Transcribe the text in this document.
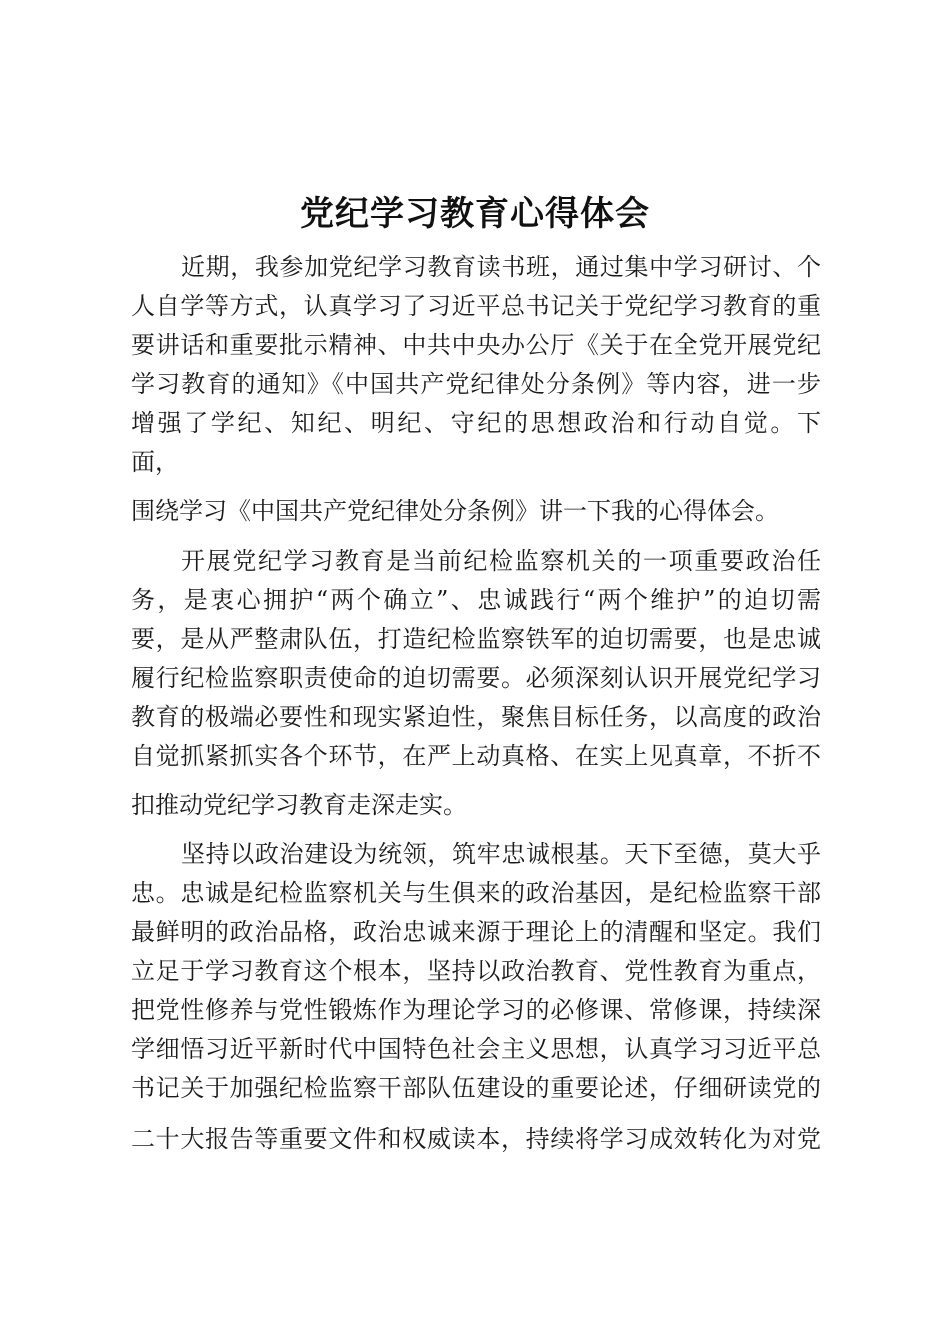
党纪学习教育心得体会
近期，我参加党纪学习教育读书班，通过集中学习研讨、个
人自学等方式，认真学习了习近平总书记关于党纪学习教育的重
要讲话和重要批示精神、中共中央办公厅《关于在全党开展党纪
学习教育的通知》《中国共产党纪律处分条例》等内容，进一步
增强了学纪、知纪、明纪、守纪的思想政治和行动自觉。下
面，
围绕学习《中国共产党纪律处分条例》讲一下我的心得体会。
开展党纪学习教育是当前纪检监察机关的一项重要政治任
务，是衷心拥护“两个确立”、忠诚践行“两个维护”的迫切需
要，是从严整肃队伍，打造纪检监察铁军的迫切需要，也是忠诚
履行纪检监察职责使命的迫切需要。必须深刻认识开展党纪学习
教育的极端必要性和现实紧迫性，聚焦目标任务，以高度的政治
自觉抓紧抓实各个环节，在严上动真格、在实上见真章，不折不
扣推动党纪学习教育走深走实。
坚持以政治建设为统领，筑牢忠诚根基。天下至德，莫大乎
忠。忠诚是纪检监察机关与生俱来的政治基因，是纪检监察干部
最鲜明的政治品格，政治忠诚来源于理论上的清醒和坚定。我们
立足于学习教育这个根本，坚持以政治教育、党性教育为重点，
把党性修养与党性锻炼作为理论学习的必修课、常修课，持续深
学细悟习近平新时代中国特色社会主义思想，认真学习习近平总
书记关于加强纪检监察干部队伍建设的重要论述，仔细研读党的
二十大报告等重要文件和权威读本，持续将学习成效转化为对党
